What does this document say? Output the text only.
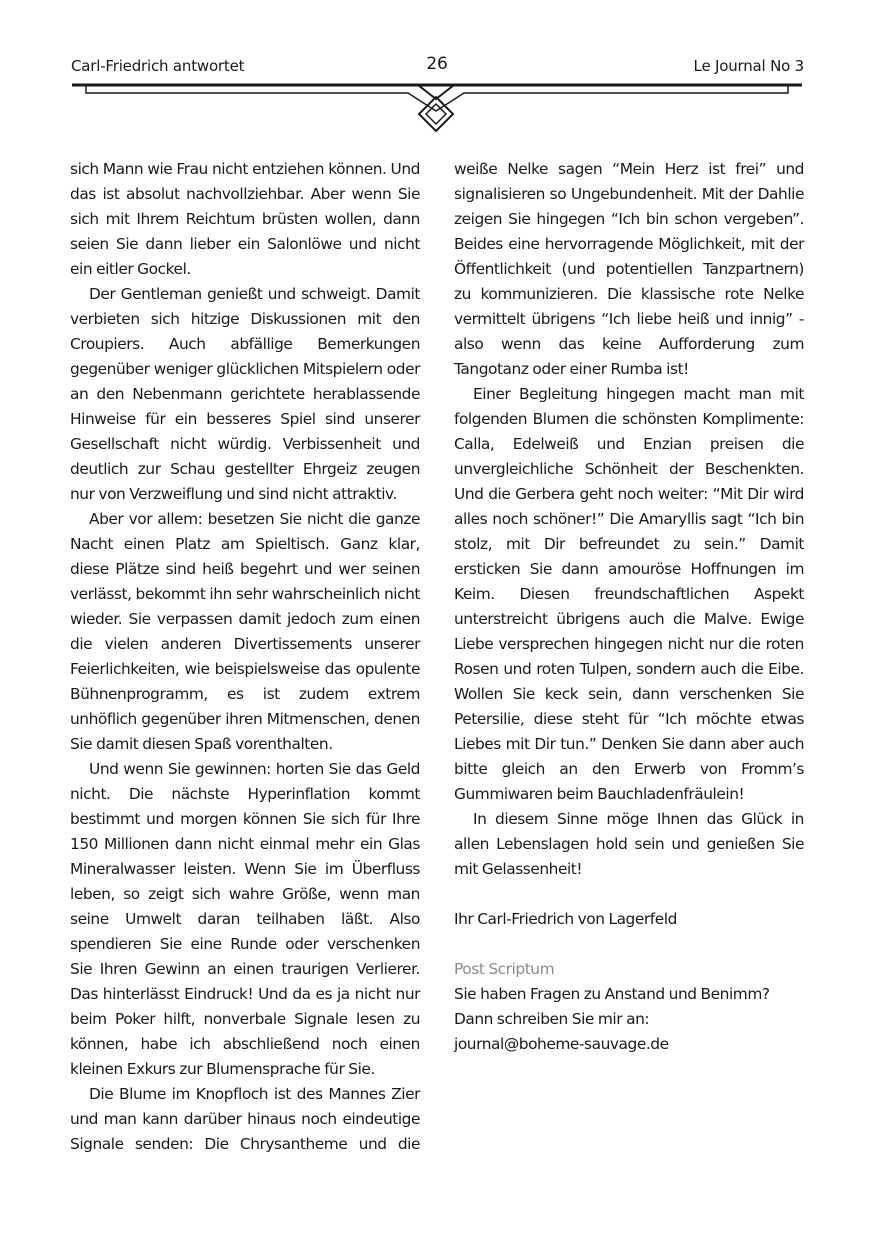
Carl-Friedrich antwortet	26	Le Journal No 3

sich Mann wie Frau nicht entziehen können. Und das ist absolut nachvollziehbar. Aber wenn Sie sich mit Ihrem Reichtum brüsten wollen, dann seien Sie dann lieber ein Salonlöwe und nicht ein eitler Gockel.

Der Gentleman genießt und schweigt. Damit verbieten sich hitzige Diskussionen mit den Croupiers. Auch abfällige Bemerkungen gegenüber weniger glücklichen Mitspielern oder an den Nebenmann gerichtete herablassende Hinweise für ein besseres Spiel sind unserer Gesellschaft nicht würdig. Verbissenheit und deutlich zur Schau gestellter Ehrgeiz zeugen nur von Verzweiflung und sind nicht attraktiv.

Aber vor allem: besetzen Sie nicht die ganze Nacht einen Platz am Spieltisch. Ganz klar, diese Plätze sind heiß begehrt und wer seinen verlässt, bekommt ihn sehr wahrscheinlich nicht wieder. Sie verpassen damit jedoch zum einen die vielen anderen Divertissements unserer Feierlichkeiten, wie beispielsweise das opulente Bühnenprogramm, es ist zudem extrem unhöflich gegenüber ihren Mitmenschen, denen Sie damit diesen Spaß vorenthalten.

Und wenn Sie gewinnen: horten Sie das Geld nicht. Die nächste Hyperinflation kommt bestimmt und morgen können Sie sich für Ihre 150 Millionen dann nicht einmal mehr ein Glas Mineralwasser leisten. Wenn Sie im Überfluss leben, so zeigt sich wahre Größe, wenn man seine Umwelt daran teilhaben läßt. Also spendieren Sie eine Runde oder verschenken Sie Ihren Gewinn an einen traurigen Verlierer. Das hinterlässt Eindruck! Und da es ja nicht nur beim Poker hilft, nonverbale Signale lesen zu können, habe ich abschließend noch einen kleinen Exkurs zur Blumensprache für Sie.

Die Blume im Knopfloch ist des Mannes Zier und man kann darüber hinaus noch eindeutige Signale senden: Die Chrysantheme und die

weiße Nelke sagen “Mein Herz ist frei” und signalisieren so Ungebundenheit. Mit der Dahlie zeigen Sie hingegen “Ich bin schon vergeben”. Beides eine hervorragende Möglichkeit, mit der Öffentlichkeit (und potentiellen Tanzpartnern) zu kommunizieren. Die klassische rote Nelke vermittelt übrigens “Ich liebe heiß und innig” - also wenn das keine Aufforderung zum Tangotanz oder einer Rumba ist!

Einer Begleitung hingegen macht man mit folgenden Blumen die schönsten Komplimente: Calla, Edelweiß und Enzian preisen die unvergleichliche Schönheit der Beschenkten. Und die Gerbera geht noch weiter: “Mit Dir wird alles noch schöner!” Die Amaryllis sagt “Ich bin stolz, mit Dir befreundet zu sein.” Damit ersticken Sie dann amouröse Hoffnungen im Keim. Diesen freundschaftlichen Aspekt unterstreicht übrigens auch die Malve. Ewige Liebe versprechen hingegen nicht nur die roten Rosen und roten Tulpen, sondern auch die Eibe. Wollen Sie keck sein, dann verschenken Sie Petersilie, diese steht für “Ich möchte etwas Liebes mit Dir tun.” Denken Sie dann aber auch bitte gleich an den Erwerb von Fromm’s Gummiwaren beim Bauchladenfräulein!

In diesem Sinne möge Ihnen das Glück in allen Lebenslagen hold sein und genießen Sie mit Gelassenheit!

Ihr Carl-Friedrich von Lagerfeld

Post Scriptum

Sie haben Fragen zu Anstand und Benimm?

Dann schreiben Sie mir an:

journal@boheme-sauvage.de
